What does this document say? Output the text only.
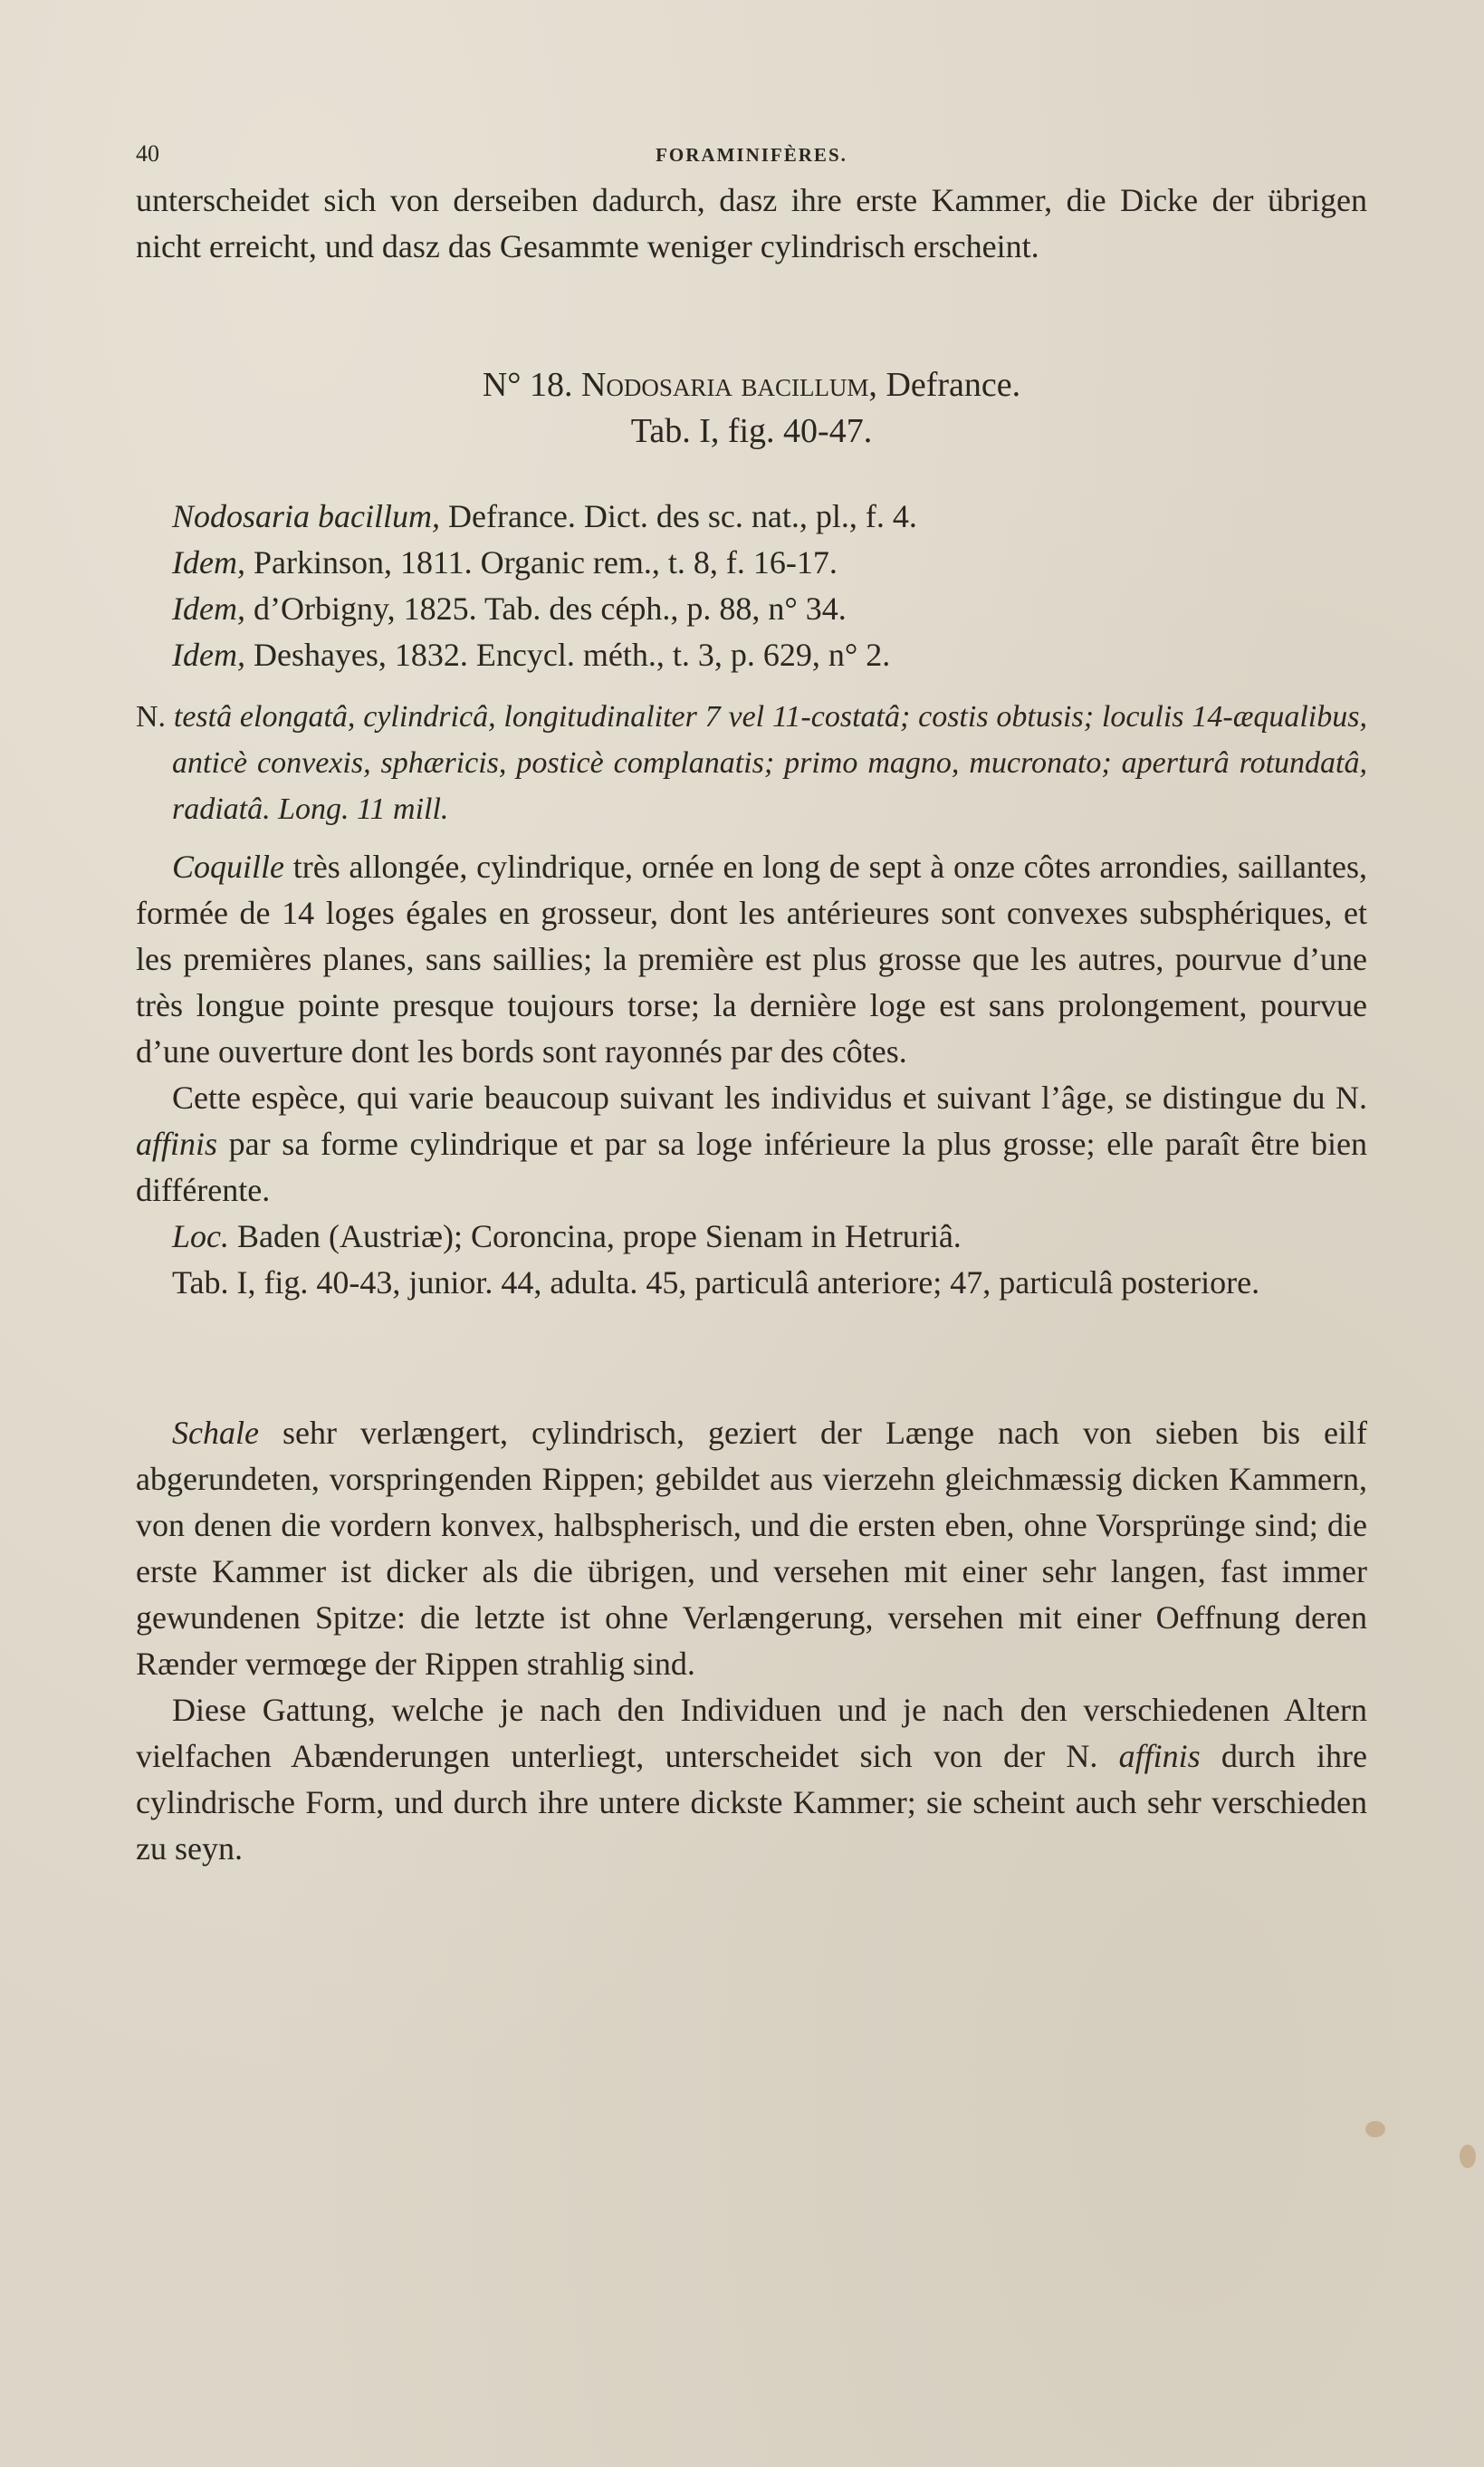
40	FORAMINIFÈRES.

unterscheidet sich von derseiben dadurch, dasz ihre erste Kammer, die Dicke der übrigen nicht erreicht, und dasz das Gesammte weniger cylindrisch erscheint.

N° 18. Nodosaria bacillum, Defrance.
Tab. I, fig. 40-47.
Nodosaria bacillum, Defrance. Dict. des sc. nat., pl., f. 4.
Idem, Parkinson, 1811. Organic rem., t. 8, f. 16-17.
Idem, d’Orbigny, 1825. Tab. des céph., p. 88, n° 34.
Idem, Deshayes, 1832. Encycl. méth., t. 3, p. 629, n° 2.

N. testâ elongatâ, cylindricâ, longitudinaliter 7 vel 11-costatâ; costis obtusis; loculis 14-æqualibus, anticè convexis, sphæricis, posticè complanatis; primo magno, mucronato; aperturâ rotundatâ, radiatâ. Long. 11 mill.

Coquille très allongée, cylindrique, ornée en long de sept à onze côtes arrondies, saillantes, formée de 14 loges égales en grosseur, dont les antérieures sont convexes subsphériques, et les premières planes, sans saillies; la première est plus grosse que les autres, pourvue d’une très longue pointe presque toujours torse; la dernière loge est sans prolongement, pourvue d’une ouverture dont les bords sont rayonnés par des côtes.

Cette espèce, qui varie beaucoup suivant les individus et suivant l’âge, se distingue du N. affinis par sa forme cylindrique et par sa loge inférieure la plus grosse; elle paraît être bien différente.

Loc. Baden (Austriæ); Coroncina, prope Sienam in Hetruriâ.

Tab. I, fig. 40-43, junior. 44, adulta. 45, particulâ anteriore; 47, particulâ posteriore.

Schale sehr verlængert, cylindrisch, geziert der Længe nach von sieben bis eilf abgerundeten, vorspringenden Rippen; gebildet aus vierzehn gleichmæssig dicken Kammern, von denen die vordern konvex, halbspherisch, und die ersten eben, ohne Vorsprünge sind; die erste Kammer ist dicker als die übrigen, und versehen mit einer sehr langen, fast immer gewundenen Spitze: die letzte ist ohne Verlængerung, versehen mit einer Oeffnung deren Rænder vermœge der Rippen strahlig sind.

Diese Gattung, welche je nach den Individuen und je nach den verschiedenen Altern vielfachen Abænderungen unterliegt, unterscheidet sich von der N. affinis durch ihre cylindrische Form, und durch ihre untere dickste Kammer; sie scheint auch sehr verschieden zu seyn.
